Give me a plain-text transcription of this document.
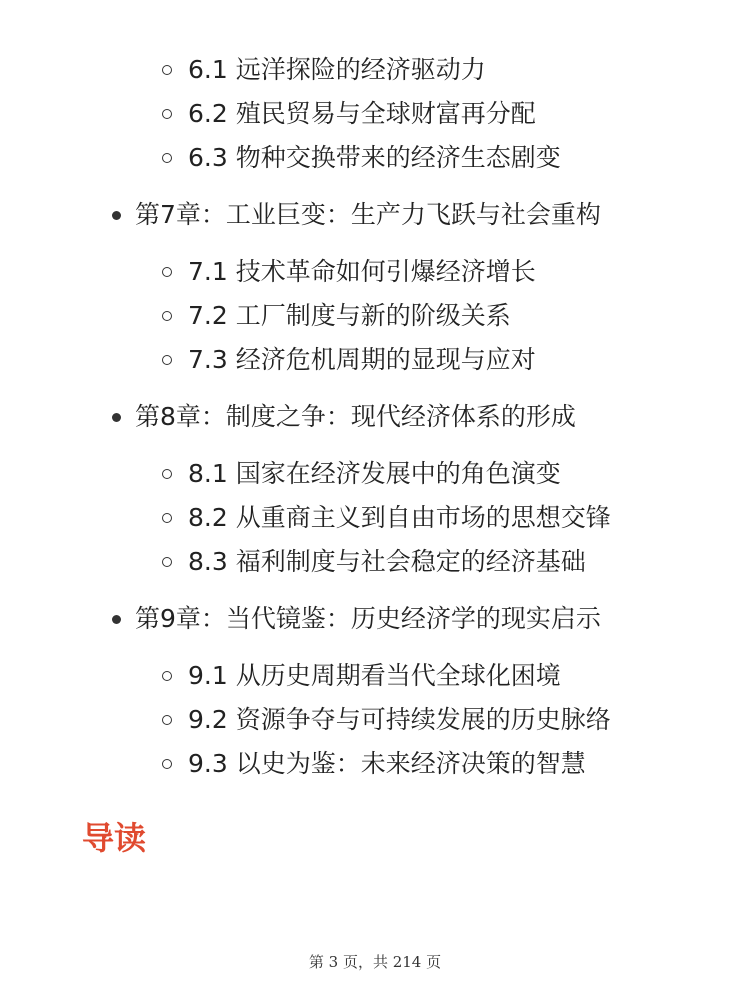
6.1 远洋探险的经济驱动力
6.2 殖民贸易与全球财富再分配
6.3 物种交换带来的经济生态剧变
第7章：工业巨变：生产力飞跃与社会重构
7.1 技术革命如何引爆经济增长
7.2 工厂制度与新的阶级关系
7.3 经济危机周期的显现与应对
第8章：制度之争：现代经济体系的形成
8.1 国家在经济发展中的角色演变
8.2 从重商主义到自由市场的思想交锋
8.3 福利制度与社会稳定的经济基础
第9章：当代镜鉴：历史经济学的现实启示
9.1 从历史周期看当代全球化困境
9.2 资源争夺与可持续发展的历史脉络
9.3 以史为鉴：未来经济决策的智慧
导读
第 3 页，共 214 页
